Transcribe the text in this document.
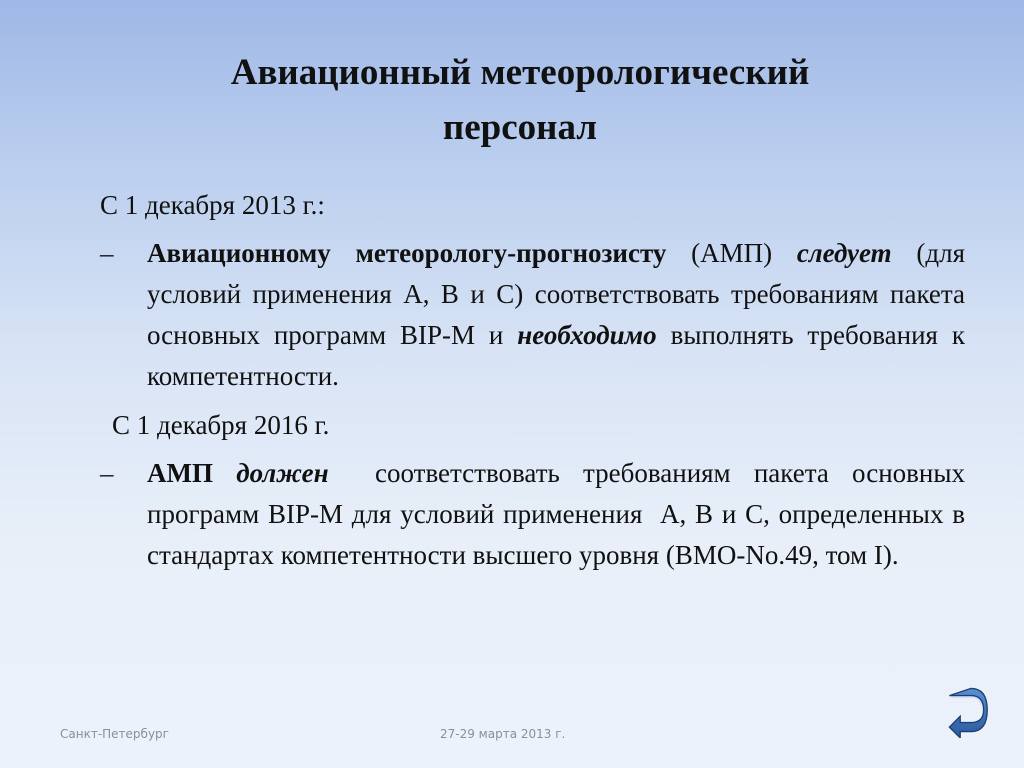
Авиационный метеорологический
персонал

С 1 декабря 2013 г.:

– Авиационному метеорологу-прогнозисту (АМП) следует (для условий применения А, В и С) соответствовать требованиям пакета основных программ ВIP-М и необходимо выполнять требования к компетентности.

С 1 декабря 2016 г.

– АМП должен  соответствовать требованиям пакета основных программ ВIP-М для условий применения  А, В и С, определенных в стандартах компетентности высшего уровня (ВМО-No.49, том I).

Санкт-Петербург	27-29 марта 2013 г.
